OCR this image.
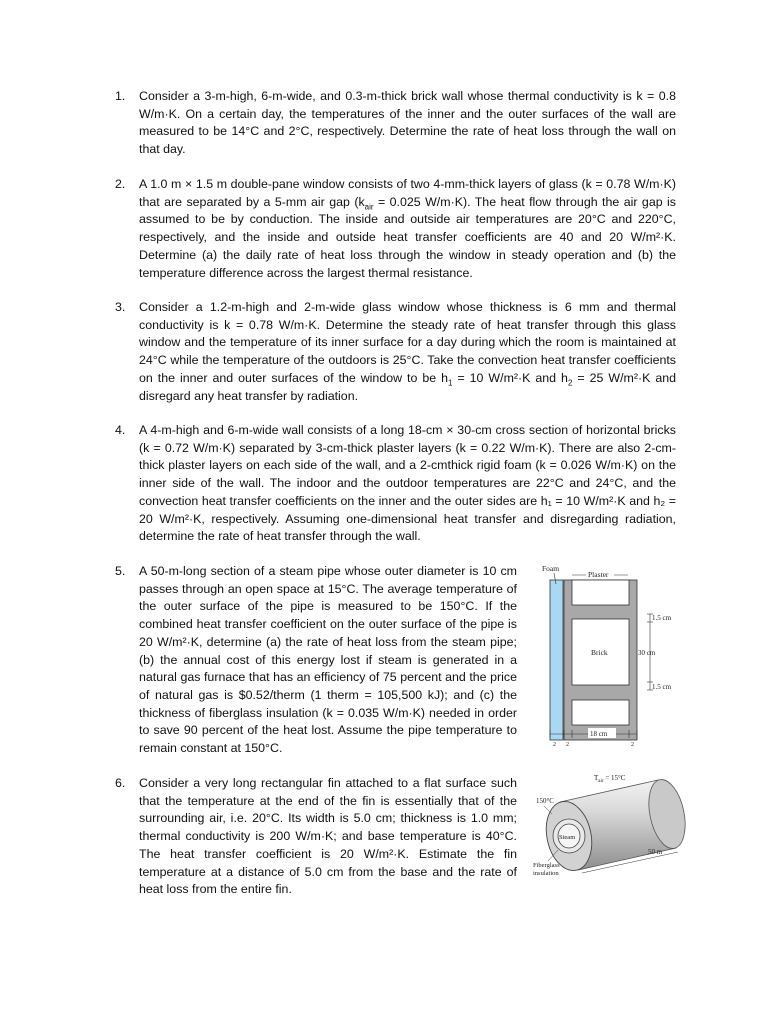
1.	Consider a 3-m-high, 6-m-wide, and 0.3-m-thick brick wall whose thermal conductivity is k = 0.8 W/m·K. On a certain day, the temperatures of the inner and the outer surfaces of the wall are measured to be 14°C and 2°C, respectively. Determine the rate of heat loss through the wall on that day.
2.	A 1.0 m × 1.5 m double-pane window consists of two 4-mm-thick layers of glass (k = 0.78 W/m·K) that are separated by a 5-mm air gap ($k_{air} = 0.025$ W/m·K). The heat flow through the air gap is assumed to be by conduction. The inside and outside air temperatures are 20°C and 220°C, respectively, and the inside and outside heat transfer coefficients are 40 and 20 W/m²·K. Determine (a) the daily rate of heat loss through the window in steady operation and (b) the temperature difference across the largest thermal resistance.
3.	Consider a 1.2-m-high and 2-m-wide glass window whose thickness is 6 mm and thermal conductivity is k = 0.78 W/m·K. Determine the steady rate of heat transfer through this glass window and the temperature of its inner surface for a day during which the room is maintained at 24°C while the temperature of the outdoors is 25°C. Take the convection heat transfer coefficients on the inner and outer surfaces of the window to be $h_1 = 10$ W/m²·K and $h_2 = 25$ W/m²·K and disregard any heat transfer by radiation.
4.	A 4-m-high and 6-m-wide wall consists of a long 18-cm × 30-cm cross section of horizontal bricks (k = 0.72 W/m·K) separated by 3-cm-thick plaster layers (k = 0.22 W/m·K). There are also 2-cm-thick plaster layers on each side of the wall, and a 2-cmthick rigid foam (k = 0.026 W/m·K) on the inner side of the wall. The indoor and the outdoor temperatures are 22°C and 24°C, and the convection heat transfer coefficients on the inner and the outer sides are h₁ = 10 W/m²·K and h₂ = 20 W/m²·K, respectively. Assuming one-dimensional heat transfer and disregarding radiation, determine the rate of heat transfer through the wall.
5.	A 50-m-long section of a steam pipe whose outer diameter is 10 cm passes through an open space at 15°C. The average temperature of the outer surface of the pipe is measured to be 150°C. If the combined heat transfer coefficient on the outer surface of the pipe is 20 W/m²·K, determine (a) the rate of heat loss from the steam pipe; (b) the annual cost of this energy lost if steam is generated in a natural gas furnace that has an efficiency of 75 percent and the price of natural gas is $0.52/therm (1 therm = 105,500 kJ); and (c) the thickness of fiberglass insulation (k = 0.035 W/m·K) needed in order to save 90 percent of the heat lost. Assume the pipe temperature to remain constant at 150°C.
6.	Consider a very long rectangular fin attached to a flat surface such that the temperature at the end of the fin is essentially that of the surrounding air, i.e. 20°C. Its width is 5.0 cm; thickness is 1.0 mm; thermal conductivity is 200 W/m·K; and base temperature is 40°C. The heat transfer coefficient is 20 W/m²·K. Estimate the fin temperature at a distance of 5.0 cm from the base and the rate of heat loss from the entire fin.
Foam
Plaster
Brick
1.5 cm
30 cm
1.5 cm
18 cm
2 2	2
Steam
$T_{air} = 15^\circ C$
150°C
50 m
Fiberglass
insulation
